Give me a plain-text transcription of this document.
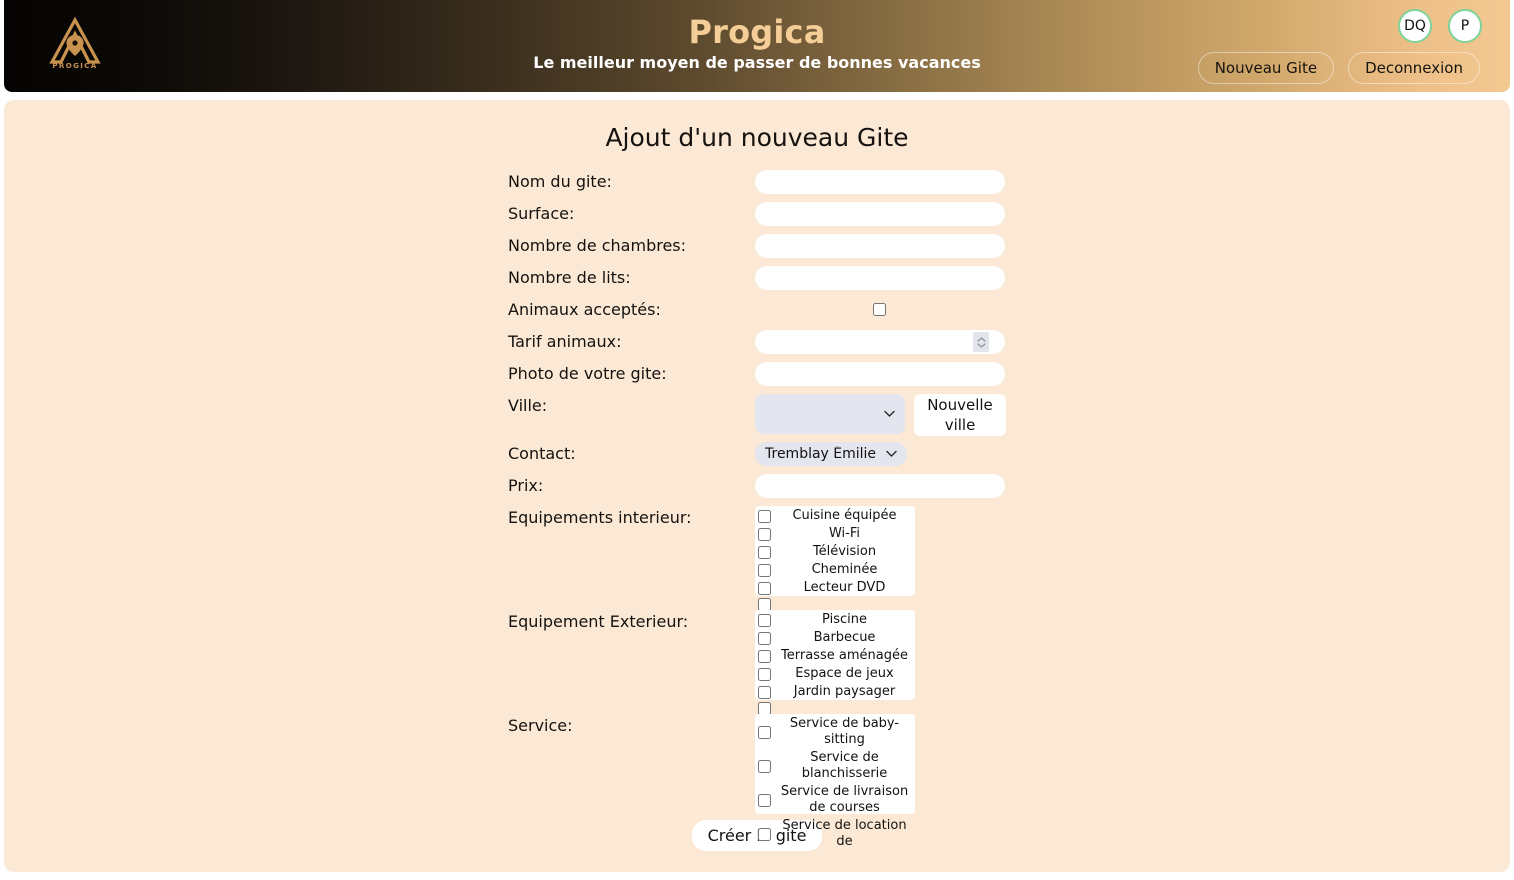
PROGICA
Progica
Le meilleur moyen de passer de bonnes vacances
DQ	P
Nouveau Gite	Deconnexion
Ajout d'un nouveau Gite
Nom du gite:
Surface:
Nombre de chambres:
Nombre de lits:
Animaux acceptés:
Tarif animaux:
Photo de votre gite:
Ville:	Nouvelle ville
Contact:
Tremblay Émilie
Prix:
Equipements interieur:	Cuisine équipée
Wi-Fi
Télévision
Cheminée
Lecteur DVD
Equipement Exterieur:	Piscine
Barbecue
Terrasse aménagée
Espace de jeux
Jardin paysager
Service:	Service de baby-sitting
Service de blanchisserie
Service de livraison de courses
Service de location de
Créer le gite
